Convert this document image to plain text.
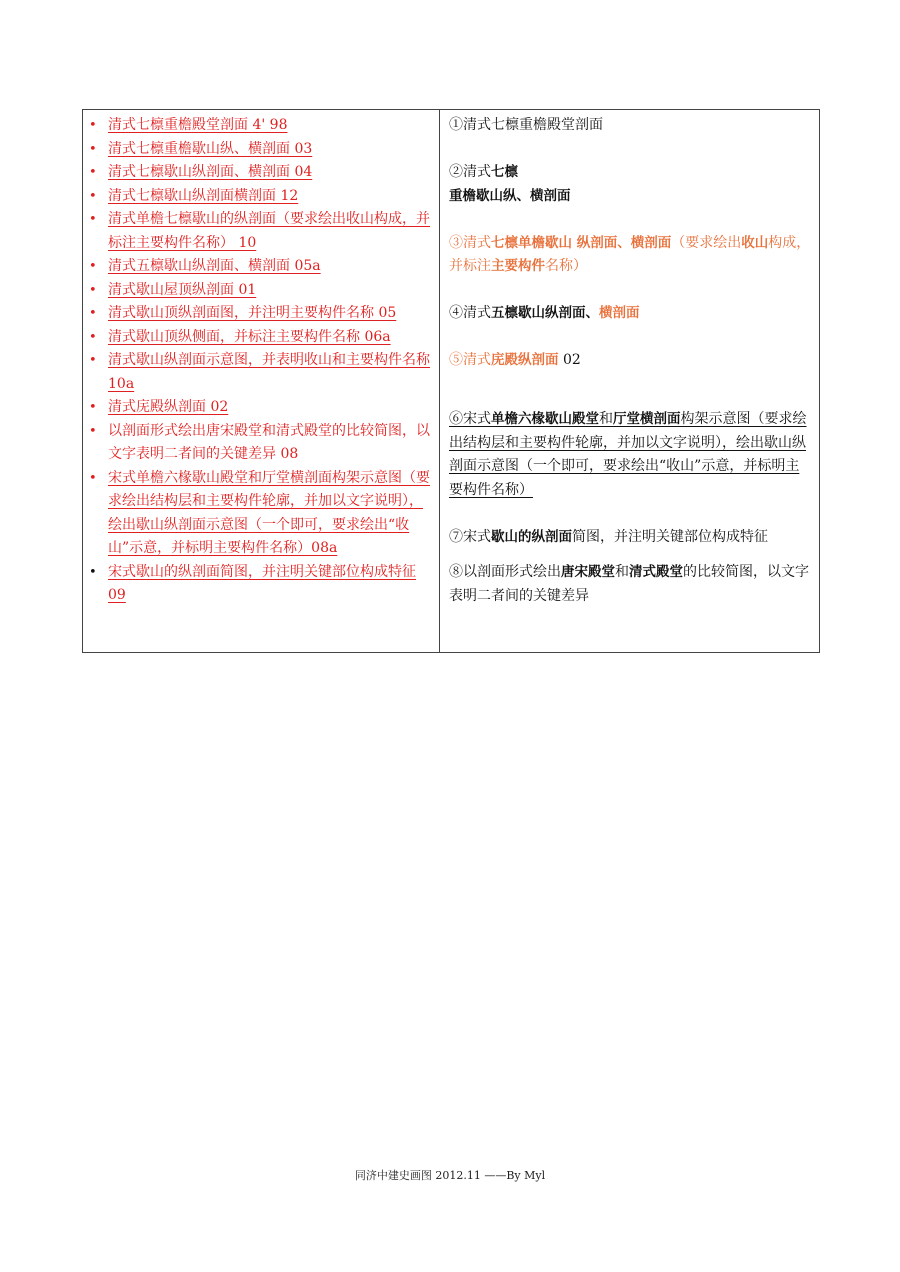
• 清式七檩重檐殿堂剖面 4' 98
• 清式七檩重檐歇山纵、横剖面 03
• 清式七檩歇山纵剖面、横剖面 04
• 清式七檩歇山纵剖面横剖面 12
• 清式单檐七檩歇山的纵剖面（要求绘出收山构成，并标注主要构件名称） 10
• 清式五檩歇山纵剖面、横剖面 05a
• 清式歇山屋顶纵剖面 01
• 清式歇山顶纵剖面图，并注明主要构件名称 05
• 清式歇山顶纵侧面，并标注主要构件名称 06a
• 清式歇山纵剖面示意图，并表明收山和主要构件名称 10a
• 清式庑殿纵剖面 02
• 以剖面形式绘出唐宋殿堂和清式殿堂的比较简图，以文字表明二者间的关键差异 08
• 宋式单檐六椽歇山殿堂和厅堂横剖面构架示意图（要求绘出结构层和主要构件轮廓，并加以文字说明），绘出歇山纵剖面示意图（一个即可，要求绘出“收山”示意，并标明主要构件名称）08a
• 宋式歇山的纵剖面简图，并注明关键部位构成特征 09
①清式七檩重檐殿堂剖面
②清式七檩
重檐歇山纵、横剖面
③清式七檩单檐歇山 纵剖面、横剖面（要求绘出收山构成，并标注主要构件名称）
④清式五檩歇山纵剖面、横剖面
⑤清式庑殿纵剖面 02
⑥宋式单檐六椽歇山殿堂和厅堂横剖面构架示意图（要求绘出结构层和主要构件轮廓，并加以文字说明），绘出歇山纵剖面示意图（一个即可，要求绘出“收山”示意，并标明主要构件名称）
⑦宋式歇山的纵剖面简图，并注明关键部位构成特征
⑧以剖面形式绘出唐宋殿堂和清式殿堂的比较简图，以文字表明二者间的关键差异
同济中建史画图 2012.11 ——By Myl
